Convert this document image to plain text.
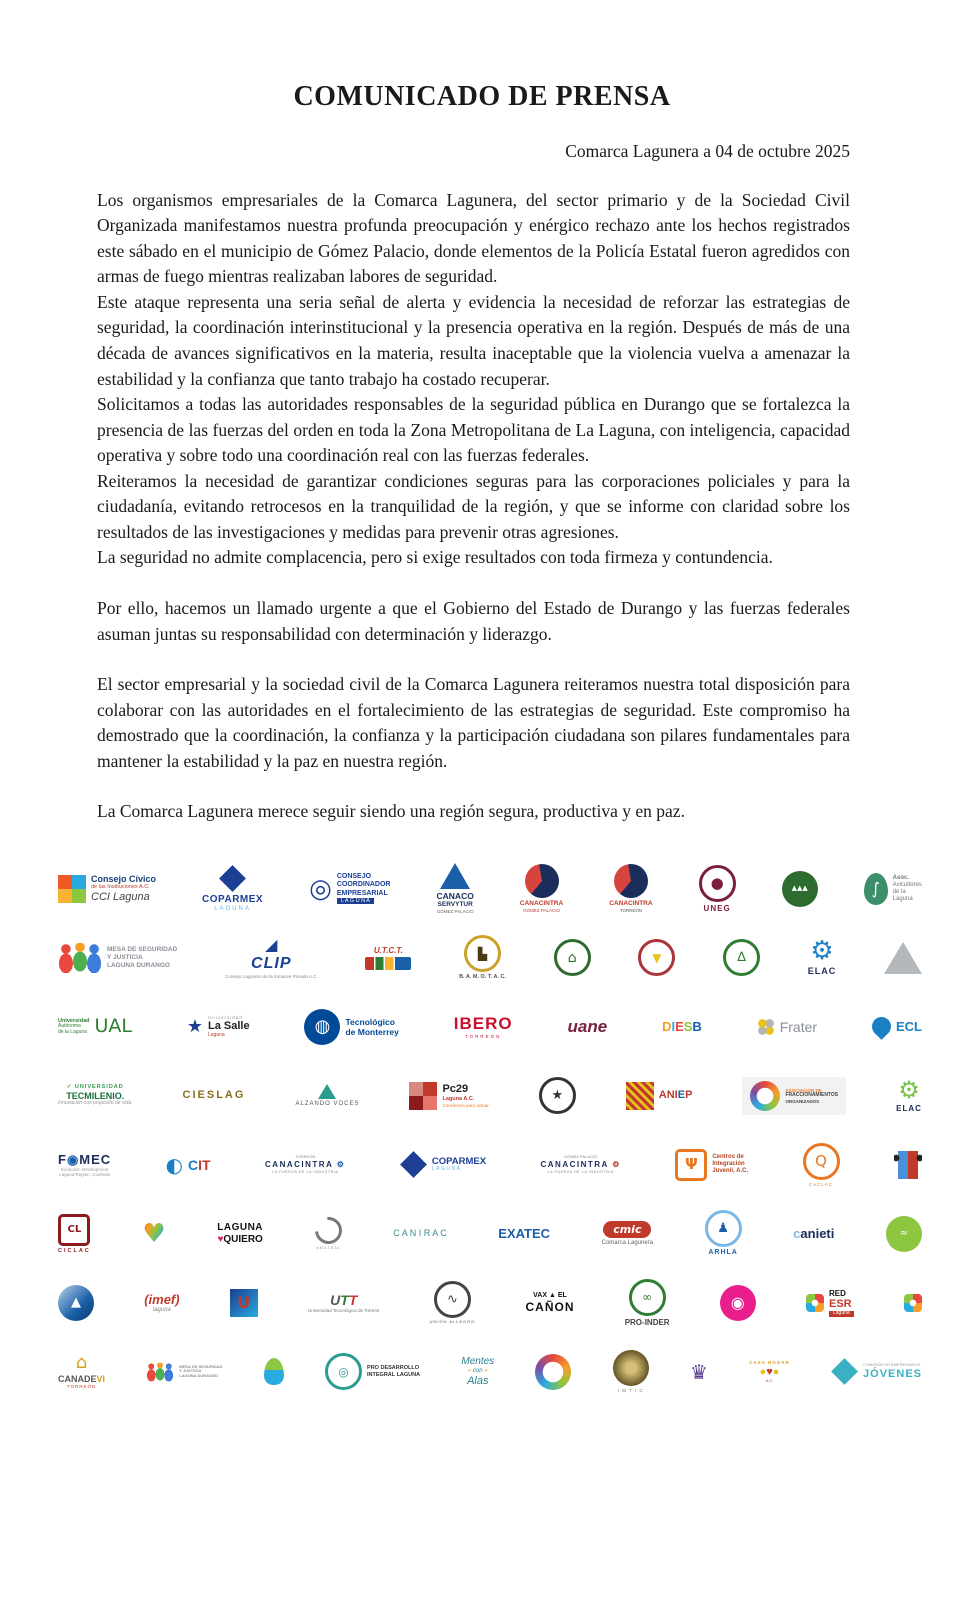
COMUNICADO DE PRENSA
Comarca Lagunera a 04 de octubre 2025

Los organismos empresariales de la Comarca Lagunera, del sector primario y de la Sociedad Civil Organizada manifestamos nuestra profunda preocupación y enérgico rechazo ante los hechos registrados este sábado en el municipio de Gómez Palacio, donde elementos de la Policía Estatal fueron agredidos con armas de fuego mientras realizaban labores de seguridad.

Este ataque representa una seria señal de alerta y evidencia la necesidad de reforzar las estrategias de seguridad, la coordinación interinstitucional y la presencia operativa en la región. Después de más de una década de avances significativos en la materia, resulta inaceptable que la violencia vuelva a amenazar la estabilidad y la confianza que tanto trabajo ha costado recuperar.

Solicitamos a todas las autoridades responsables de la seguridad pública en Durango que se fortalezca la presencia de las fuerzas del orden en toda la Zona Metropolitana de La Laguna, con inteligencia, capacidad operativa y sobre todo una coordinación real con las fuerzas federales.

Reiteramos la necesidad de garantizar condiciones seguras para las corporaciones policiales y para la ciudadanía, evitando retrocesos en la tranquilidad de la región, y que se informe con claridad sobre los resultados de las investigaciones y medidas para prevenir otras agresiones.

La seguridad no admite complacencia, pero si exige resultados con toda firmeza y contundencia.

Por ello, hacemos un llamado urgente a que el Gobierno del Estado de Durango y las fuerzas federales asuman juntas su responsabilidad con determinación y liderazgo.

El sector empresarial y la sociedad civil de la Comarca Lagunera reiteramos nuestra total disposición para colaborar con las autoridades en el fortalecimiento de las estrategias de seguridad. Este compromiso ha demostrado que la coordinación, la confianza y la participación ciudadana son pilares fundamentales para mantener la estabilidad y la paz en nuestra región.

La Comarca Lagunera merece seguir siendo una región segura, productiva y en paz.

Consejo Cívico
de las Instituciones A.C.
CCI Laguna	COPARMEX
LAGUNA
◎ CONSEJO
COORDINADOR
EMPRESARIAL
L A G U N A	CANACO
SERVYTUR
GÓMEZ PALACIO
CANACINTRA
GÓMEZ PALACIO
CANACINTRA
TORREÓN
●
UNEG
▲▲▲	∫
Asoc.
Avicultores
de la
Laguna
MESA DE SEGURIDAD
Y JUSTICIA
LAGUNA DURANGO
◢
CLIP
Consejo Lagunero de la Iniciativa Privada A.C.
U.T.C.T.	▙
B. A. M. O. T. A. C.
⌂	▼	∆	⚙
ELAC
Universidad
Autónoma
de la Laguna UAL	★ Universidad
La Salle
Laguna	◍	Tecnológico
de Monterrey	IBERO
TORREÓN
uane	DIESB	Frater	ECL
✓ UNIVERSIDAD
TECMILENIO.
Innovación con propósito de vida.
CIESLAG
ALZANDO VOCES
Pc29
Laguna A.C.
Conciencia para actuar
★	ANIEP	ASOCIACIÓN DE
FRACCIONAMIENTOS
ORGANIZADOS	⚙
ELAC
F◉MEC
Economic Development
Laguna Region, Coahuila	◐ CIT	TORREÓN
CANACINTRA ⚙
LA FUERZA DE LA INDUSTRIA
COPARMEX
LAGUNA
GÓMEZ PALACIO
CANACINTRA ⚙
LA FUERZA DE LA INDUSTRIA	Ψ	Centros de
Integración
Juvenil, A.C.
Q
CACLAC
CL
CICLAC
♥	LAGUNA
♥QUIERO
A M A T E A L
C A N I R A C	EXATEC	cmic
Comarca Lagunera
♟
ARHLA
canieti	≈
▲	(imef)
laguna	U	UTT
Universidad Tecnológica de Torreón
∿
UNIÓN ALLEGRO
VAX ▲ EL
CAÑON
∞
PRO-INDER
◉	RED
ESR
Laguna
⌂
CANADEVI
TORREÓN
MESA DE SEGURIDAD
Y JUSTICIA
LAGUNA DURANGO	◎	PRO DESARROLLO
INTEGRAL LAGUNA
Mentes
« con »
Alas
I M T I C
♛	CASA HOGAR
●♥●
A.C.
COMISIÓN DE EMPRESARIOS
JÓVENES
